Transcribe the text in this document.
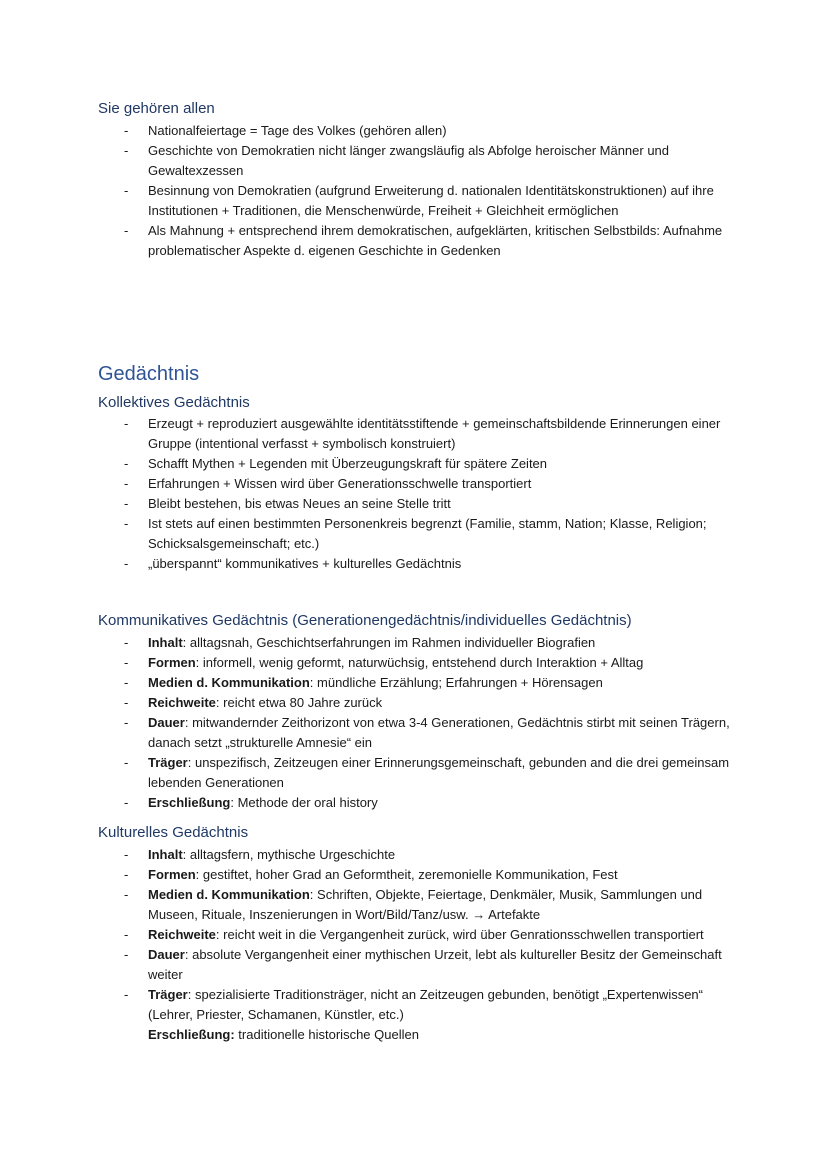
Sie gehören allen
- Nationalfeiertage = Tage des Volkes (gehören allen)
- Geschichte von Demokratien nicht länger zwangsläufig als Abfolge heroischer Männer und Gewaltexzessen
- Besinnung von Demokratien (aufgrund Erweiterung d. nationalen Identitätskonstruktionen) auf ihre Institutionen + Traditionen, die Menschenwürde, Freiheit + Gleichheit ermöglichen
- Als Mahnung + entsprechend ihrem demokratischen, aufgeklärten, kritischen Selbstbilds: Aufnahme problematischer Aspekte d. eigenen Geschichte in Gedenken
Gedächtnis
Kollektives Gedächtnis
- Erzeugt + reproduziert ausgewählte identitätsstiftende + gemeinschaftsbildende Erinnerungen einer Gruppe (intentional verfasst + symbolisch konstruiert)
- Schafft Mythen + Legenden mit Überzeugungskraft für spätere Zeiten
- Erfahrungen + Wissen wird über Generationsschwelle transportiert
- Bleibt bestehen, bis etwas Neues an seine Stelle tritt
- Ist stets auf einen bestimmten Personenkreis begrenzt (Familie, stamm, Nation; Klasse, Religion; Schicksalsgemeinschaft; etc.)
- „überspannt“ kommunikatives + kulturelles Gedächtnis
Kommunikatives Gedächtnis (Generationengedächtnis/individuelles Gedächtnis)
- Inhalt: alltagsnah, Geschichtserfahrungen im Rahmen individueller Biografien
- Formen: informell, wenig geformt, naturwüchsig, entstehend durch Interaktion + Alltag
- Medien d. Kommunikation: mündliche Erzählung; Erfahrungen + Hörensagen
- Reichweite: reicht etwa 80 Jahre zurück
- Dauer: mitwandernder Zeithorizont von etwa 3-4 Generationen, Gedächtnis stirbt mit seinen Trägern, danach setzt „strukturelle Amnesie“ ein
- Träger: unspezifisch, Zeitzeugen einer Erinnerungsgemeinschaft, gebunden and die drei gemeinsam lebenden Generationen
- Erschließung: Methode der oral history
Kulturelles Gedächtnis
- Inhalt: alltagsfern, mythische Urgeschichte
- Formen: gestiftet, hoher Grad an Geformtheit, zeremonielle Kommunikation, Fest
- Medien d. Kommunikation: Schriften, Objekte, Feiertage, Denkmäler, Musik, Sammlungen und Museen, Rituale, Inszenierungen in Wort/Bild/Tanz/usw. → Artefakte
- Reichweite: reicht weit in die Vergangenheit zurück, wird über Genrationsschwellen transportiert
- Dauer: absolute Vergangenheit einer mythischen Urzeit, lebt als kultureller Besitz der Gemeinschaft weiter
- Träger: spezialisierte Traditionsträger, nicht an Zeitzeugen gebunden, benötigt „Expertenwissen“ (Lehrer, Priester, Schamanen, Künstler, etc.)
Erschließung: traditionelle historische Quellen
